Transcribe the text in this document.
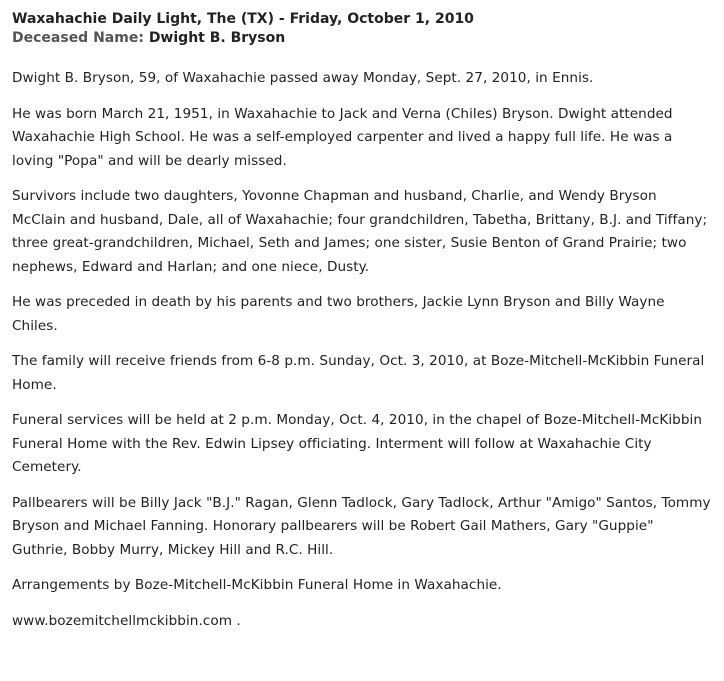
Waxahachie Daily Light, The (TX) - Friday, October 1, 2010

Deceased Name: Dwight B. Bryson

Dwight B. Bryson, 59, of Waxahachie passed away Monday, Sept. 27, 2010, in Ennis.

He was born March 21, 1951, in Waxahachie to Jack and Verna (Chiles) Bryson. Dwight attended Waxahachie High School. He was a self-employed carpenter and lived a happy full life. He was a loving "Popa" and will be dearly missed.

Survivors include two daughters, Yovonne Chapman and husband, Charlie, and Wendy Bryson McClain and husband, Dale, all of Waxahachie; four grandchildren, Tabetha, Brittany, B.J. and Tiffany; three great-grandchildren, Michael, Seth and James; one sister, Susie Benton of Grand Prairie; two nephews, Edward and Harlan; and one niece, Dusty.

He was preceded in death by his parents and two brothers, Jackie Lynn Bryson and Billy Wayne Chiles.

The family will receive friends from 6-8 p.m. Sunday, Oct. 3, 2010, at Boze-Mitchell-McKibbin Funeral Home.

Funeral services will be held at 2 p.m. Monday, Oct. 4, 2010, in the chapel of Boze-Mitchell-McKibbin Funeral Home with the Rev. Edwin Lipsey officiating. Interment will follow at Waxahachie City Cemetery.

Pallbearers will be Billy Jack "B.J." Ragan, Glenn Tadlock, Gary Tadlock, Arthur "Amigo" Santos, Tommy Bryson and Michael Fanning. Honorary pallbearers will be Robert Gail Mathers, Gary "Guppie" Guthrie, Bobby Murry, Mickey Hill and R.C. Hill.

Arrangements by Boze-Mitchell-McKibbin Funeral Home in Waxahachie.

www.bozemitchellmckibbin.com .
